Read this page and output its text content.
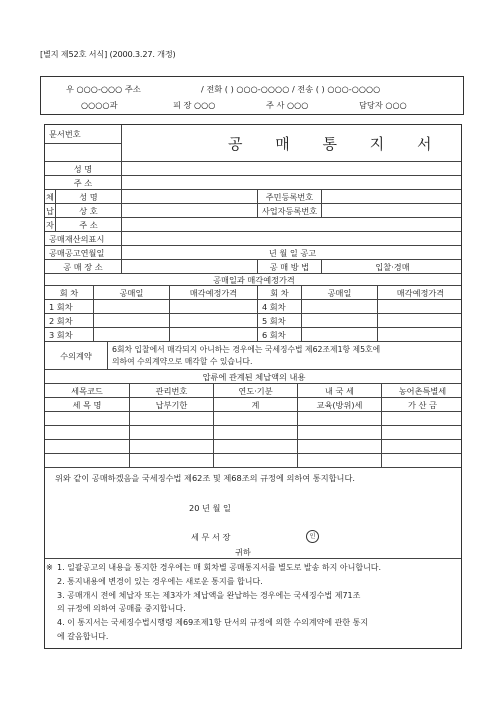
[별지 제52호 서식] (2000.3.27. 개정)
우 ○○○-○○○ 주소	/ 전화 ( ) ○○○-○○○○ / 전송 ( ) ○○○-○○○○
○○○○과	피 장 ○○○	주 사 ○○○	담당자 ○○○
문서번호
공 매 통 지 서
성 명
주 소
체	성 명	주민등록번호
납	상 호	사업자등록번호
자	주 소
공매재산의표시
공매공고연월일	년 월 일 공고
공 매 장 소	공 매 방 법	입찰·경매
공매일과 매각예정가격
회 차	공매일	매각예정가격	회 차	공매일	매각예정가격
1 회차	4 회차
2 회차	5 회차
3 회차	6 회차
수의계약
6회차 입찰에서 매각되지 아니하는 경우에는 국세징수법 제62조제1항 제5호에
의하여 수의계약으로 매각할 수 있습니다.
압류에 관계된 체납액의 내용
세목코드	관리번호	연도·기분	내 국 세	농어촌특별세
세 목 명	납부기한	계	교육(방위)세	가 산 금
위와 같이 공매하겠음을 국세징수법 제62조 및 제68조의 규정에 의하여 통지합니다.
20 년 월 일
세 무 서 장	인
귀하
※ 1. 일괄공고의 내용을 통지한 경우에는 매 회차별 공매통지서를 별도로 발송 하지 아니합니다.
2. 통지내용에 변경이 있는 경우에는 새로운 통지를 합니다.
3. 공매개시 전에 체납자 또는 제3자가 체납액을 완납하는 경우에는 국세징수법 제71조
의 규정에 의하여 공매를 중지합니다.
4. 이 통지서는 국세징수법시행령 제69조제1항 단서의 규정에 의한 수의계약에 관한 통지
에 갈음합니다.
